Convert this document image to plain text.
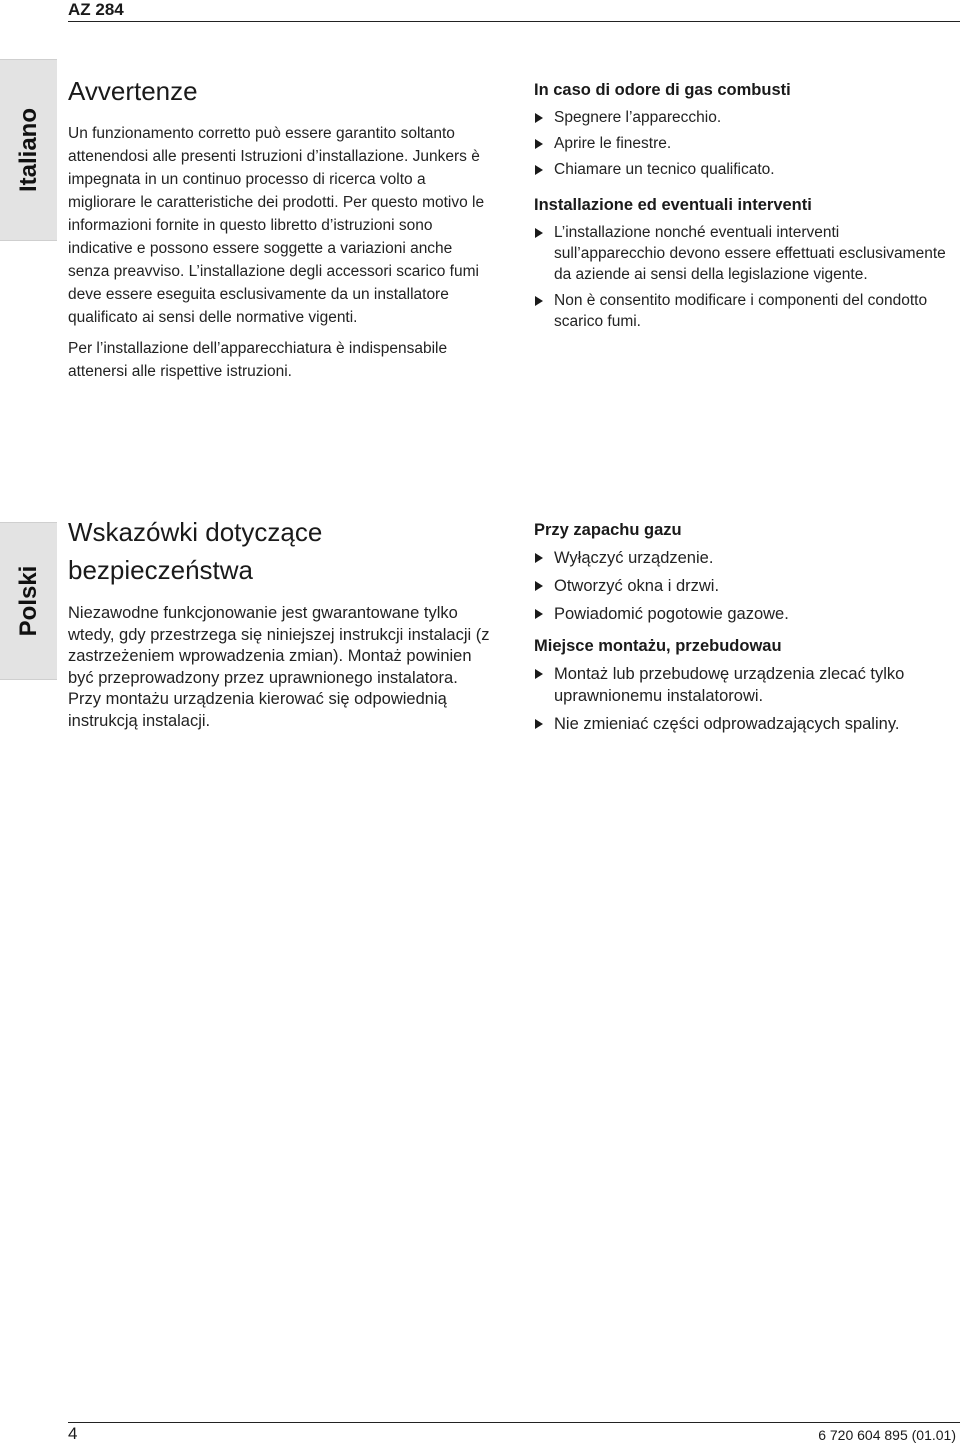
AZ 284
Italiano
Avvertenze

Un funzionamento corretto può essere garantito soltanto attenendosi alle presenti Istruzioni d’installazione. Junkers è impegnata in un continuo processo di ricerca volto a migliorare le caratteristiche dei prodotti. Per questo motivo le informazioni fornite in questo libretto d’istruzioni sono indicative e possono essere soggette a variazioni anche senza preavviso. L’installazione degli accessori scarico fumi deve essere eseguita esclusivamente da un installatore qualificato ai sensi delle normative vigenti.

Per l’installazione dell’apparecchiatura è indispensabile attenersi alle rispettive istruzioni.

In caso di odore di gas combusti
Spegnere l’apparecchio.
Aprire le finestre.
Chiamare un tecnico qualificato.
Installazione ed eventuali interventi
L’installazione nonché eventuali interventi sull’apparecchio devono essere effettuati esclusivamente da aziende ai sensi della legislazione vigente.
Non è consentito modificare i componenti del condotto scarico fumi.
Polski
Wskazówki dotyczące
bezpieczeństwa

Niezawodne funkcjonowanie jest gwarantowane tylko wtedy, gdy przestrzega się niniejszej instrukcji instalacji (z zastrzeżeniem wprowadzenia zmian). Montaż powinien być przeprowadzony przez uprawnionego instalatora. Przy montażu urządzenia kierować się odpowiednią instrukcją instalacji.

Przy zapachu gazu
Wyłączyć urządzenie.
Otworzyć okna i drzwi.
Powiadomić pogotowie gazowe.
Miejsce montażu, przebudowau
Montaż lub przebudowę urządzenia zlecać tylko uprawnionemu instalatorowi.
Nie zmieniać części odprowadzających spaliny.
4	6 720 604 895 (01.01)
